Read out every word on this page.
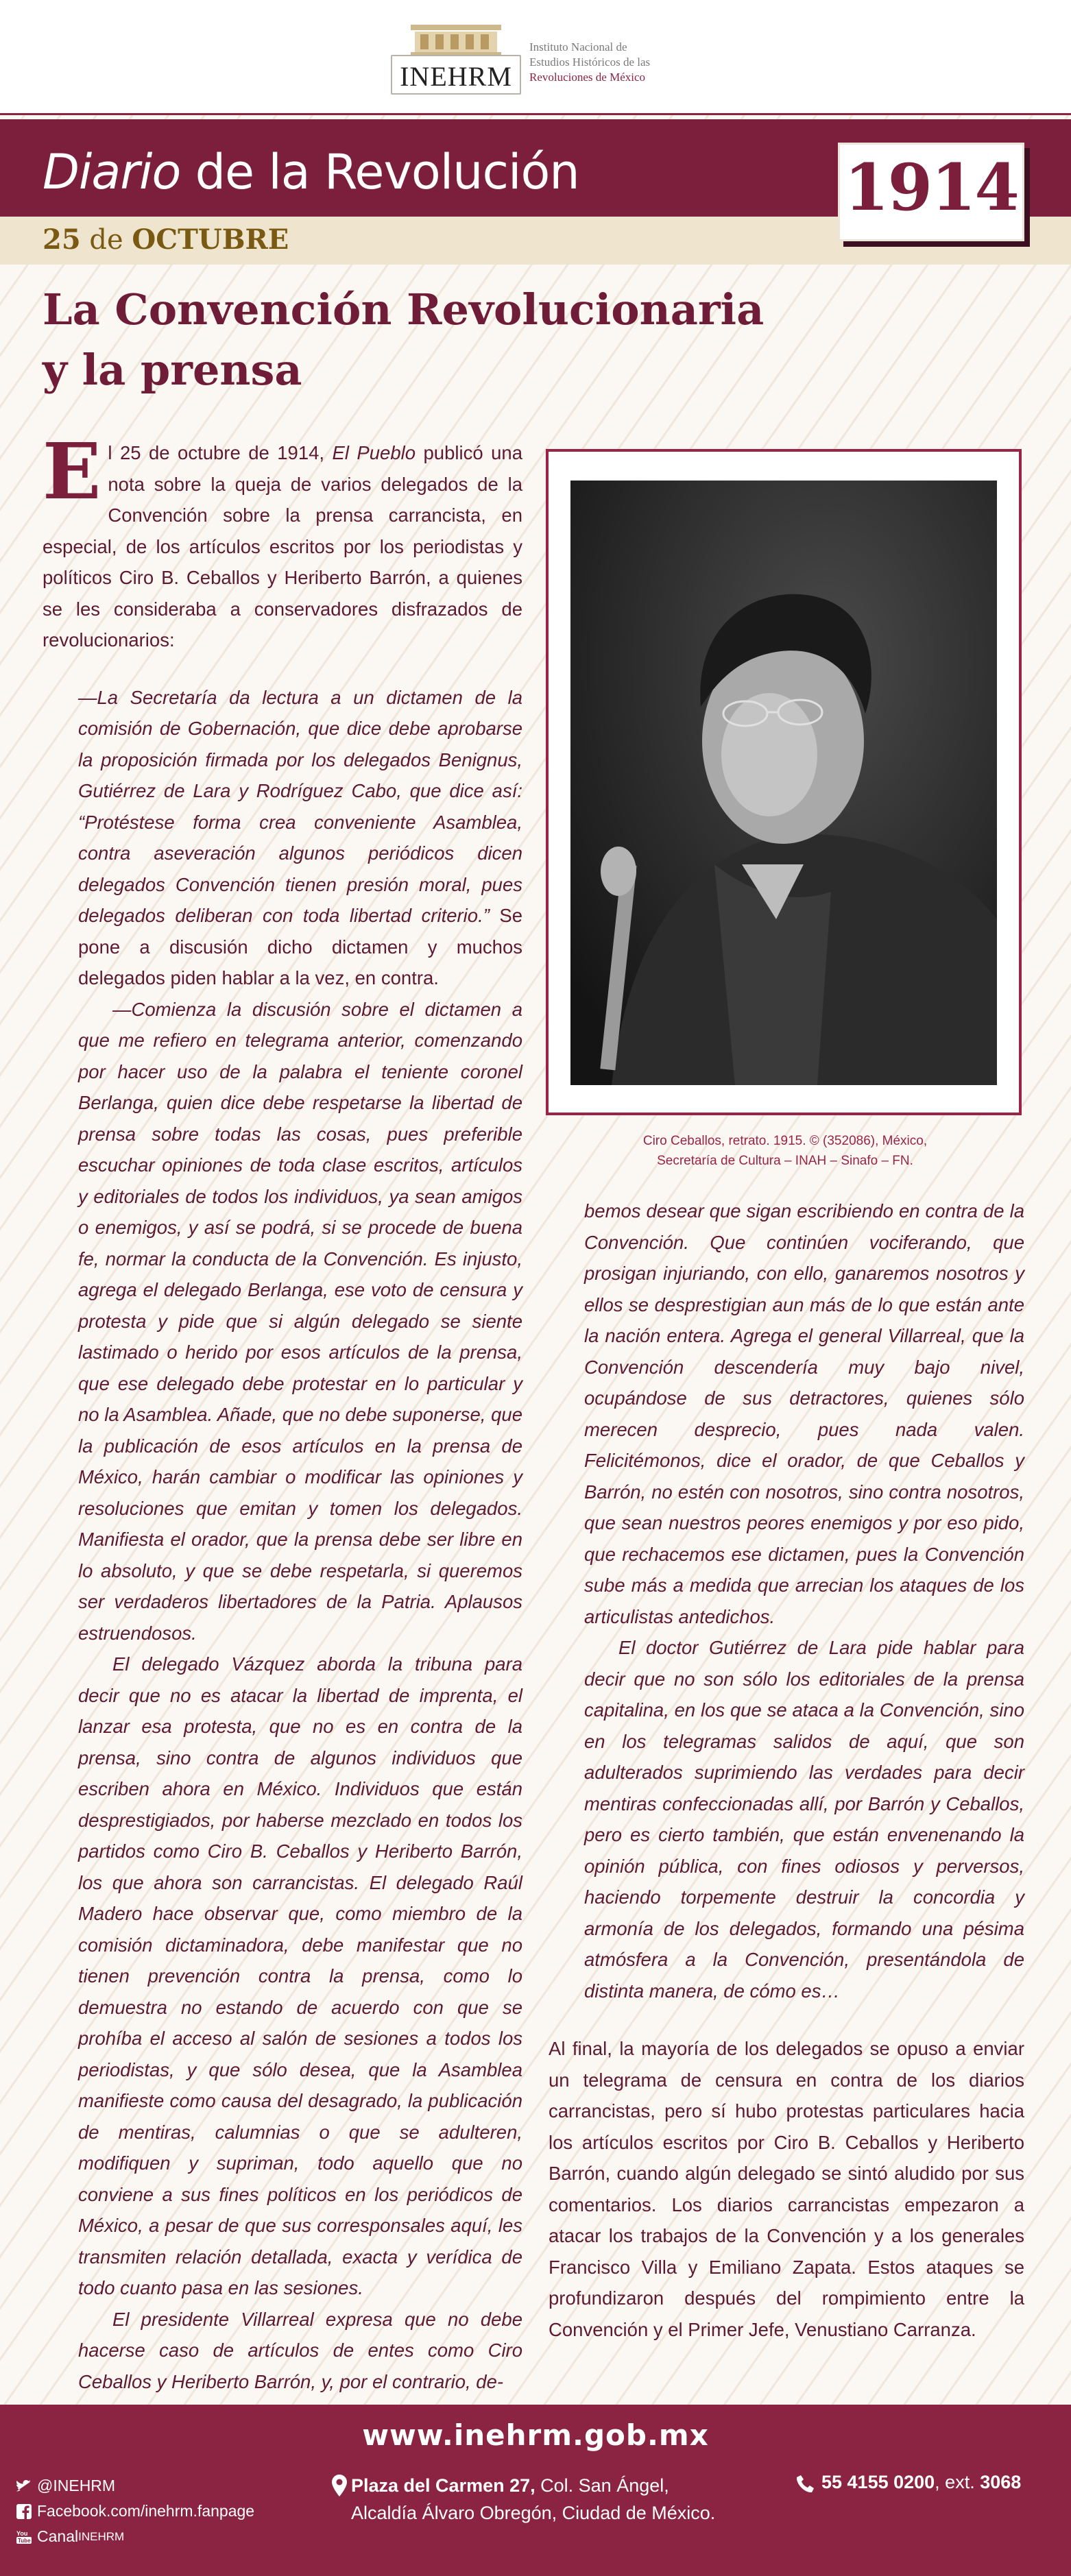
INEHRM
Instituto Nacional de
Estudios Históricos de las
Revoluciones de México
Diario de la Revolución
25 de OCTUBRE
1914
La Convención Revolucionaria
y la prensa

El 25 de octubre de 1914, El Pueblo publicó una nota sobre la queja de varios delegados de la Convención sobre la prensa carrancista, en especial, de los artículos escritos por los periodistas y políticos Ciro B. Ceballos y Heriberto Barrón, a quienes se les consideraba a conservadores disfrazados de revolucionarios:

—La Secretaría da lectura a un dictamen de la comisión de Gobernación, que dice debe aprobarse la proposición firmada por los delegados Benignus, Gutiérrez de Lara y Rodríguez Cabo, que dice así: “Protéstese forma crea conveniente Asamblea, contra aseveración algunos periódicos dicen delegados Convención tienen presión moral, pues delegados deliberan con toda libertad criterio.” Se pone a discusión dicho dictamen y muchos delegados piden hablar a la vez, en contra.

—Comienza la discusión sobre el dictamen a que me refiero en telegrama anterior, comenzando por hacer uso de la palabra el teniente coronel Berlanga, quien dice debe respetarse la libertad de prensa sobre todas las cosas, pues preferible escuchar opiniones de toda clase escritos, artículos y editoriales de todos los individuos, ya sean amigos o enemigos, y así se podrá, si se procede de buena fe, normar la conducta de la Convención. Es injusto, agrega el delegado Berlanga, ese voto de censura y protesta y pide que si algún delegado se siente lastimado o herido por esos artículos de la prensa, que ese delegado debe protestar en lo particular y no la Asamblea. Añade, que no debe suponerse, que la publicación de esos artículos en la prensa de México, harán cambiar o modificar las opiniones y resoluciones que emitan y tomen los delegados. Manifiesta el orador, que la prensa debe ser libre en lo absoluto, y que se debe respetarla, si queremos ser verdaderos libertadores de la Patria. Aplausos estruendosos.

El delegado Vázquez aborda la tribuna para decir que no es atacar la libertad de imprenta, el lanzar esa protesta, que no es en contra de la prensa, sino contra de algunos individuos que escriben ahora en México. Individuos que están desprestigiados, por haberse mezclado en todos los partidos como Ciro B. Ceballos y Heriberto Barrón, los que ahora son carrancistas. El delegado Raúl Madero hace observar que, como miembro de la comisión dictaminadora, debe manifestar que no tienen prevención contra la prensa, como lo demuestra no estando de acuerdo con que se prohíba el acceso al salón de sesiones a todos los periodistas, y que sólo desea, que la Asamblea manifieste como causa del desagrado, la publicación de mentiras, calumnias o que se adulteren, modifiquen y supriman, todo aquello que no conviene a sus fines políticos en los periódicos de México, a pesar de que sus corresponsales aquí, les transmiten relación detallada, exacta y verídica de todo cuanto pasa en las sesiones.

El presidente Villarreal expresa que no debe hacerse caso de artículos de entes como Ciro Ceballos y Heriberto Barrón, y, por el contrario, de-

Ciro Ceballos, retrato. 1915. © (352086), México,
Secretaría de Cultura – INAH – Sinafo – FN.

bemos desear que sigan escribiendo en contra de la Convención. Que continúen vociferando, que prosigan injuriando, con ello, ganaremos nosotros y ellos se desprestigian aun más de lo que están ante la nación entera. Agrega el general Villarreal, que la Convención descendería muy bajo nivel, ocupándose de sus detractores, quienes sólo merecen desprecio, pues nada valen. Felicitémonos, dice el orador, de que Ceballos y Barrón, no estén con nosotros, sino contra nosotros, que sean nuestros peores enemigos y por eso pido, que rechacemos ese dictamen, pues la Convención sube más a medida que arrecian los ataques de los articulistas antedichos.

El doctor Gutiérrez de Lara pide hablar para decir que no son sólo los editoriales de la prensa capitalina, en los que se ataca a la Convención, sino en los telegramas salidos de aquí, que son adulterados suprimiendo las verdades para decir mentiras confeccionadas allí, por Barrón y Ceballos, pero es cierto también, que están envenenando la opinión pública, con fines odiosos y perversos, haciendo torpemente destruir la concordia y armonía de los delegados, formando una pésima atmósfera a la Convención, presentándola de distinta manera, de cómo es…

Al final, la mayoría de los delegados se opuso a enviar un telegrama de censura en contra de los diarios carrancistas, pero sí hubo protestas particulares hacia los artículos escritos por Ciro B. Ceballos y Heriberto Barrón, cuando algún delegado se sintó aludido por sus comentarios. Los diarios carrancistas empezaron a atacar los trabajos de la Convención y a los generales Francisco Villa y Emiliano Zapata. Estos ataques se profundizaron después del rompimiento entre la Convención y el Primer Jefe, Venustiano Carranza.

www.inehrm.gob.mx
@INEHRM
Facebook.com/inehrm.fanpage
You
Tube Canal INEHRM
Plaza del Carmen 27, Col. San Ángel,
Alcaldía Álvaro Obregón, Ciudad de México.
55 4155 0200, ext. 3068
